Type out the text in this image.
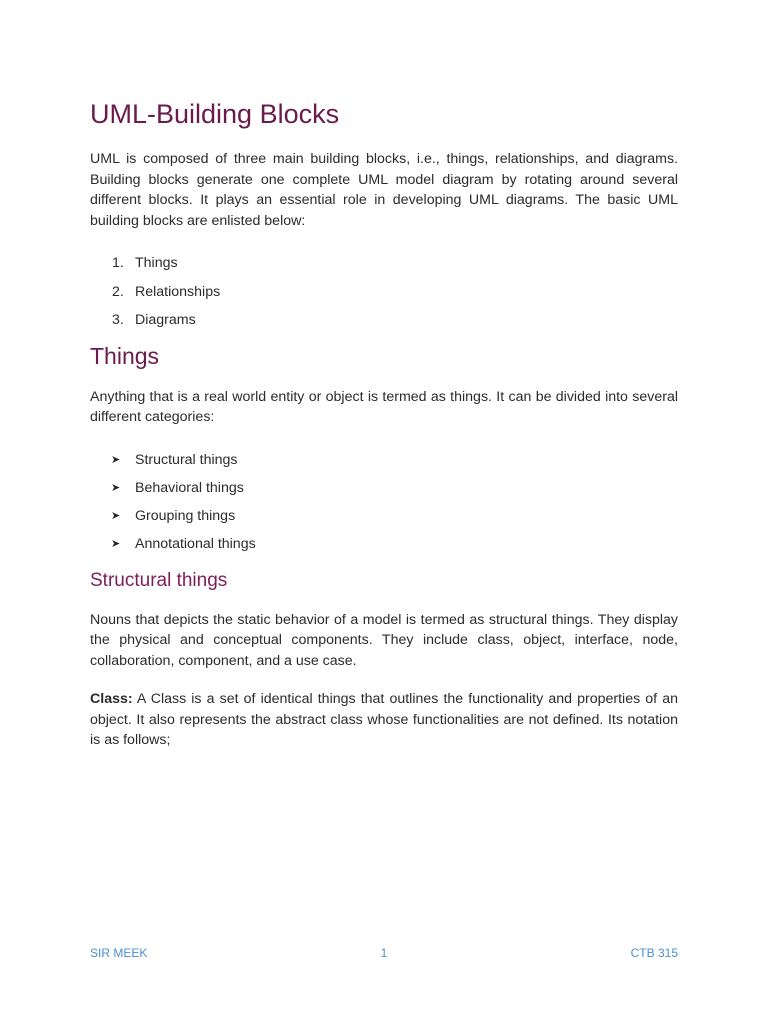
UML-Building Blocks

UML is composed of three main building blocks, i.e., things, relationships, and diagrams. Building blocks generate one complete UML model diagram by rotating around several different blocks. It plays an essential role in developing UML diagrams. The basic UML building blocks are enlisted below:

1. Things
2. Relationships
3. Diagrams
Things

Anything that is a real world entity or object is termed as things. It can be divided into several different categories:

➤ Structural things
➤ Behavioral things
➤ Grouping things
➤ Annotational things
Structural things

Nouns that depicts the static behavior of a model is termed as structural things. They display the physical and conceptual components. They include class, object, interface, node, collaboration, component, and a use case.

Class: A Class is a set of identical things that outlines the functionality and properties of an object. It also represents the abstract class whose functionalities are not defined. Its notation is as follows;

SIR MEEK	1	CTB 315
